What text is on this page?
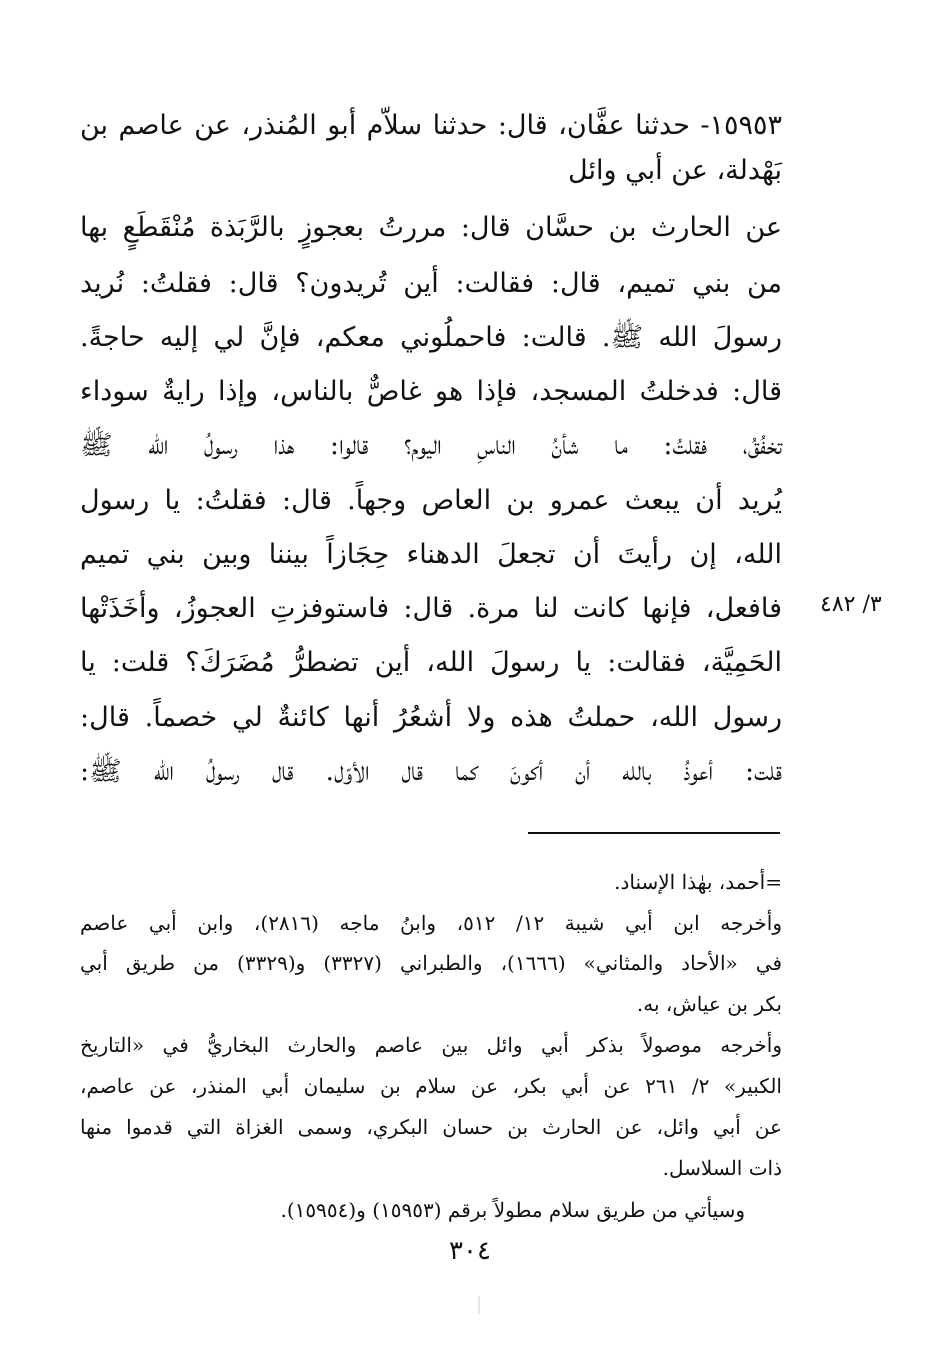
١٥٩٥٣- حدثنا عفَّان، قال: حدثنا سلاّم أبو المُنذر، عن عاصم بن
بَهْدلة، عن أبي وائل
عن الحارث بن حسَّان قال: مررتُ بعجوزٍ بالرَّبَذة مُنْقَطَعٍ بها
من بني تميم، قال: فقالت: أين تُريدون؟ قال: فقلتُ: نُريد
رسولَ الله ﷺ. قالت: فاحملُوني معكم، فإنَّ لي إليه حاجةً.
قال: فدخلتُ المسجد، فإذا هو غاصٌّ بالناس، وإذا رايةٌ سوداء
تخفُقُ، فقلتُ: ما شأنُ الناسِ اليوم؟ قالوا: هذا رسولُ الله ﷺ
يُريد أن يبعث عمرو بن العاص وجهاً. قال: فقلتُ: يا رسول
الله، إن رأيتَ أن تجعلَ الدهناء حِجَازاً بيننا وبين بني تميم
فافعل، فإنها كانت لنا مرة. قال: فاستوفزتِ العجوزُ، وأخَذَتْها
الحَمِيَّة، فقالت: يا رسولَ الله، أين تضطرُّ مُضَرَكَ؟ قلت: يا
رسول الله، حملتُ هذه ولا أشعُرُ أنها كائنةٌ لي خصماً. قال:
قلت: أعوذُ بالله أن أكونَ كما قال الأوّل. قال رسولُ الله ﷺ:
٣/ ٤٨٢
=أحمد، بهٰذا الإسناد.
وأخرجه ابن أبي شيبة ١٢/ ٥١٢، وابنُ ماجه (٢٨١٦)، وابن أبي عاصم
في «الأحاد والمثاني» (١٦٦٦)، والطبراني (٣٣٢٧) و(٣٣٢٩) من طريق أبي
بكر بن عياش، به.
وأخرجه موصولاً بذكر أبي وائل بين عاصم والحارث البخاريُّ في «التاريخ
الكبير» ٢/ ٢٦١ عن أبي بكر، عن سلام بن سليمان أبي المنذر، عن عاصم،
عن أبي وائل، عن الحارث بن حسان البكري، وسمى الغزاة التي قدموا منها
ذات السلاسل.
وسيأتي من طريق سلام مطولاً برقم (١٥٩٥٣) و(١٥٩٥٤).
٣٠٤
